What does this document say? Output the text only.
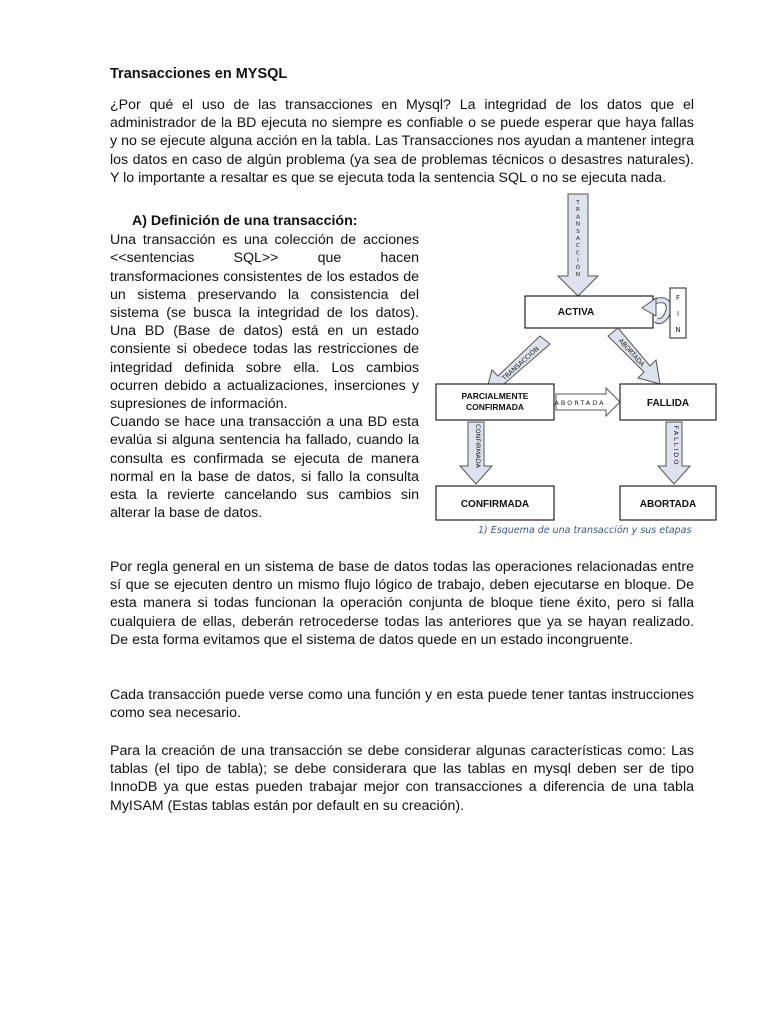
Transacciones en MYSQL

¿Por qué el uso de las transacciones en Mysql? La integridad de los datos que el administrador de la BD ejecuta no siempre es confiable o se puede esperar que haya fallas y no se ejecute alguna acción en la tabla. Las Transacciones nos ayudan a mantener integra los datos en caso de algún problema (ya sea de problemas técnicos o desastres naturales). Y lo importante a resaltar es que se ejecuta toda la sentencia SQL o no se ejecuta nada.

A) Definición de una transacción:

Una transacción es una colección de acciones <<sentencias SQL>> que hacen transformaciones consistentes de los estados de un sistema preservando la consistencia del sistema (se busca la integridad de los datos). Una BD (Base de datos) está en un estado consiente si obedece todas las restricciones de integridad definida sobre ella. Los cambios ocurren debido a actualizaciones, inserciones y supresiones de información.

Cuando se hace una transacción a una BD esta evalúa si alguna sentencia ha fallado, cuando la consulta es confirmada se ejecuta de manera normal en la base de datos, si fallo la consulta esta la revierte cancelando sus cambios sin alterar la base de datos.

T
R
A
N
S
A
C
C
I
Ó
N
ACTIVA
F
I
N
TRANSACCIÓN	ABORTADA
PARCIALMENTE
CONFIRMADA	ABORTADA	FALLIDA
CONFIRMADA	FALLIDO
CONFIRMADA	ABORTADA
1) Esquema de una transacción y sus etapas

Por regla general en un sistema de base de datos todas las operaciones relacionadas entre sí que se ejecuten dentro un mismo flujo lógico de trabajo, deben ejecutarse en bloque. De esta manera si todas funcionan la operación conjunta de bloque tiene éxito, pero si falla cualquiera de ellas, deberán retrocederse todas las anteriores que ya se hayan realizado. De esta forma evitamos que el sistema de datos quede en un estado incongruente.

Cada transacción puede verse como una función y en esta puede tener tantas instrucciones como sea necesario.

Para la creación de una transacción se debe considerar algunas características como: Las tablas (el tipo de tabla); se debe considerara que las tablas en mysql deben ser de tipo InnoDB ya que estas pueden trabajar mejor con transacciones a diferencia de una tabla MyISAM (Estas tablas están por default en su creación).
